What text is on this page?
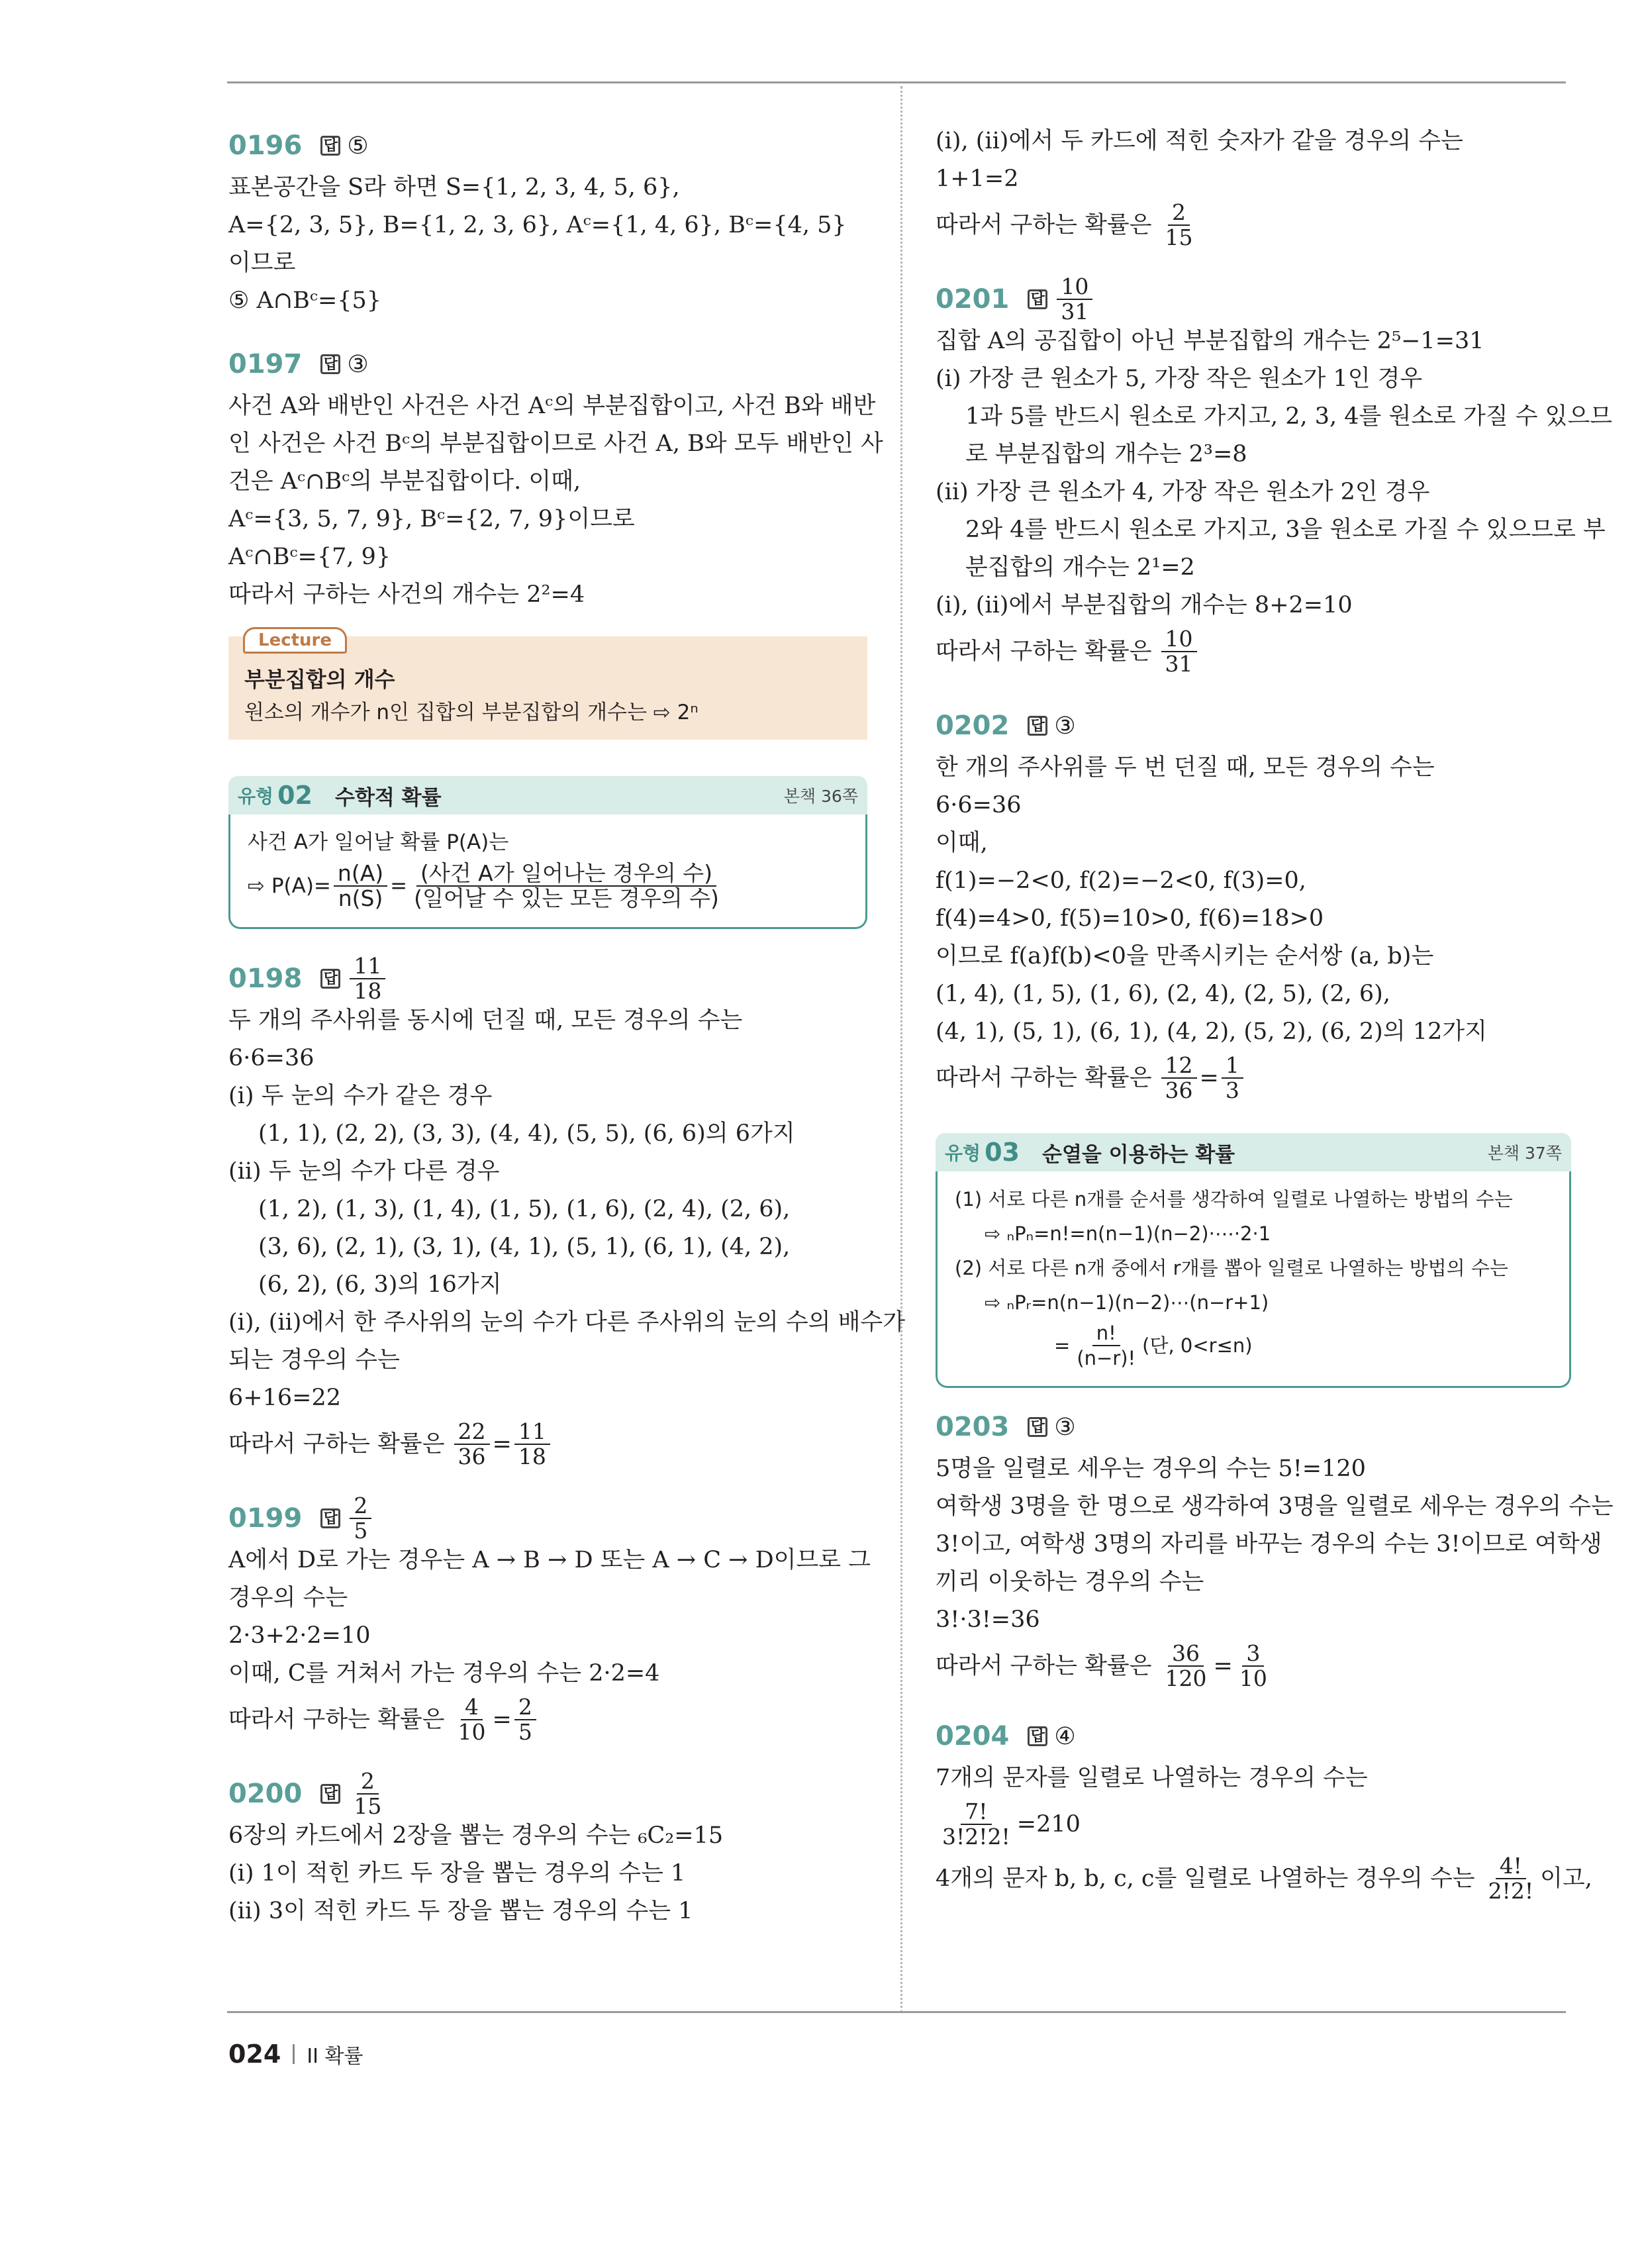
0196 답 ⑤
표본공간을 S라 하면 S={1, 2, 3, 4, 5, 6},
A={2, 3, 5}, B={1, 2, 3, 6}, Aᶜ={1, 4, 6}, Bᶜ={4, 5}
이므로
⑤ A∩Bᶜ={5}
0197 답 ③
사건 A와 배반인 사건은 사건 Aᶜ의 부분집합이고, 사건 B와 배반
인 사건은 사건 Bᶜ의 부분집합이므로 사건 A, B와 모두 배반인 사
건은 Aᶜ∩Bᶜ의 부분집합이다. 이때,
Aᶜ={3, 5, 7, 9}, Bᶜ={2, 7, 9}이므로
Aᶜ∩Bᶜ={7, 9}
따라서 구하는 사건의 개수는 2²=4
Lecture
부분집합의 개수
원소의 개수가 n인 집합의 부분집합의 개수는 ⇨ 2ⁿ
유형 02 수학적 확률	본책 36쪽
사건 A가 일어날 확률 P(A)는
⇨ $P(A)= \frac{n(A)}{n(S)} = \frac{\text{(사건 A가 일어나는 경우의 수)}}{\text{(일어날 수 있는 모든 경우의 수)}}$
0198 답 $\frac{11}{18}$
두 개의 주사위를 동시에 던질 때, 모든 경우의 수는
6·6=36
(i) 두 눈의 수가 같은 경우
(1, 1), (2, 2), (3, 3), (4, 4), (5, 5), (6, 6)의 6가지
(ii) 두 눈의 수가 다른 경우
(1, 2), (1, 3), (1, 4), (1, 5), (1, 6), (2, 4), (2, 6),
(3, 6), (2, 1), (3, 1), (4, 1), (5, 1), (6, 1), (4, 2),
(6, 2), (6, 3)의 16가지
(i), (ii)에서 한 주사위의 눈의 수가 다른 주사위의 눈의 수의 배수가
되는 경우의 수는
6+16=22
따라서 구하는 확률은 $\frac{22}{36} = \frac{11}{18}$
0199 답 $\frac{2}{5}$
A에서 D로 가는 경우는 A → B → D 또는 A → C → D이므로 그
경우의 수는
2·3+2·2=10
이때, C를 거쳐서 가는 경우의 수는 2·2=4
따라서 구하는 확률은 $\frac{4}{10} = \frac{2}{5}$
0200 답 $\frac{2}{15}$
6장의 카드에서 2장을 뽑는 경우의 수는 ₆C₂=15
(i) 1이 적힌 카드 두 장을 뽑는 경우의 수는 1
(ii) 3이 적힌 카드 두 장을 뽑는 경우의 수는 1
(i), (ii)에서 두 카드에 적힌 숫자가 같을 경우의 수는
1+1=2
따라서 구하는 확률은 $\frac{2}{15}$
0201 답 $\frac{10}{31}$
집합 A의 공집합이 아닌 부분집합의 개수는 2⁵−1=31
(i) 가장 큰 원소가 5, 가장 작은 원소가 1인 경우
1과 5를 반드시 원소로 가지고, 2, 3, 4를 원소로 가질 수 있으므
로 부분집합의 개수는 2³=8
(ii) 가장 큰 원소가 4, 가장 작은 원소가 2인 경우
2와 4를 반드시 원소로 가지고, 3을 원소로 가질 수 있으므로 부
분집합의 개수는 2¹=2
(i), (ii)에서 부분집합의 개수는 8+2=10
따라서 구하는 확률은 $\frac{10}{31}$
0202 답 ③
한 개의 주사위를 두 번 던질 때, 모든 경우의 수는
6·6=36
이때,
f(1)=−2<0, f(2)=−2<0, f(3)=0,
f(4)=4>0, f(5)=10>0, f(6)=18>0
이므로 f(a)f(b)<0을 만족시키는 순서쌍 (a, b)는
(1, 4), (1, 5), (1, 6), (2, 4), (2, 5), (2, 6),
(4, 1), (5, 1), (6, 1), (4, 2), (5, 2), (6, 2)의 12가지
따라서 구하는 확률은 $\frac{12}{36} = \frac{1}{3}$
유형 03 순열을 이용하는 확률	본책 37쪽
(1) 서로 다른 n개를 순서를 생각하여 일렬로 나열하는 방법의 수는
⇨ ₙPₙ=n!=n(n−1)(n−2)·⋯·2·1
(2) 서로 다른 n개 중에서 r개를 뽑아 일렬로 나열하는 방법의 수는
⇨ ₙPᵣ=n(n−1)(n−2)⋯(n−r+1)
= $\frac{n!}{(n-r)!}$ (단, 0<r≤n)
0203 답 ③
5명을 일렬로 세우는 경우의 수는 5!=120
여학생 3명을 한 명으로 생각하여 3명을 일렬로 세우는 경우의 수는
3!이고, 여학생 3명의 자리를 바꾸는 경우의 수는 3!이므로 여학생
끼리 이웃하는 경우의 수는
3!·3!=36
따라서 구하는 확률은 $\frac{36}{120} = \frac{3}{10}$
0204 답 ④
7개의 문자를 일렬로 나열하는 경우의 수는
$\frac{7!}{3!2!2!} =210$
4개의 문자 b, b, c, c를 일렬로 나열하는 경우의 수는 $\frac{4!}{2!2!}$ 이고,
024 II 확률
